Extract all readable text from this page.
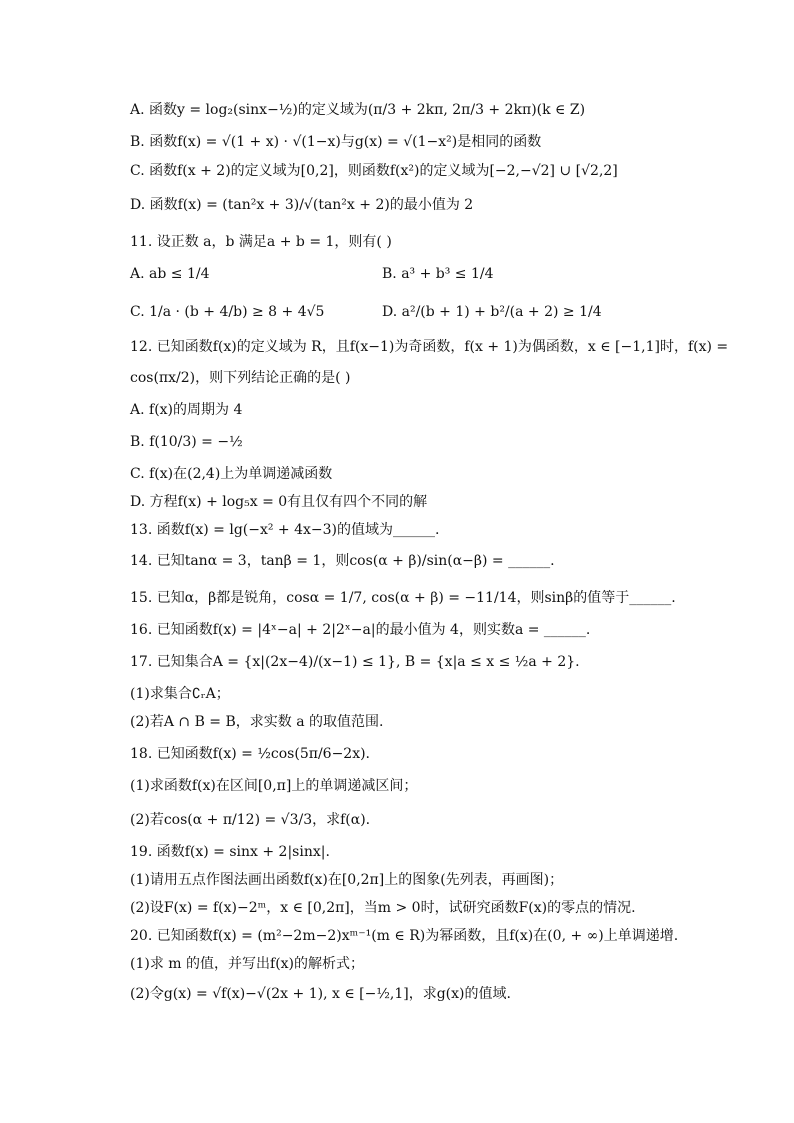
A. 函数y = log₂(sinx−½)的定义域为(π/3 + 2kπ, 2π/3 + 2kπ)(k ∈ Z)
B. 函数f(x) = √(1 + x) · √(1−x)与g(x) = √(1−x²)是相同的函数
C. 函数f(x + 2)的定义域为[0,2]，则函数f(x²)的定义域为[−2,−√2] ∪ [√2,2]
D. 函数f(x) = (tan²x + 3)/√(tan²x + 2)的最小值为 2
11. 设正数 a，b 满足a + b = 1，则有( )
A. ab ≤ 1/4	B. a³ + b³ ≤ 1/4
C. 1/a · (b + 4/b) ≥ 8 + 4√5	D. a²/(b + 1) + b²/(a + 2) ≥ 1/4
12. 已知函数f(x)的定义域为 R，且f(x−1)为奇函数，f(x + 1)为偶函数，x ∈ [−1,1]时，f(x) =
cos(πx/2)，则下列结论正确的是( )
A. f(x)的周期为 4
B. f(10/3) = −½
C. f(x)在(2,4)上为单调递减函数
D. 方程f(x) + log₅x = 0有且仅有四个不同的解
13. 函数f(x) = lg(−x² + 4x−3)的值域为______.
14. 已知tanα = 3，tanβ = 1，则cos(α + β)/sin(α−β) = ______.
15. 已知α，β都是锐角，cosα = 1/7, cos(α + β) = −11/14，则sinβ的值等于______.
16. 已知函数f(x) = |4ˣ−a| + 2|2ˣ−a|的最小值为 4，则实数a = ______.
17. 已知集合A = {x|(2x−4)/(x−1) ≤ 1}, B = {x|a ≤ x ≤ ½a + 2}.
(1)求集合∁ᵣA；
(2)若A ∩ B = B，求实数 a 的取值范围.
18. 已知函数f(x) = ½cos(5π/6−2x).
(1)求函数f(x)在区间[0,π]上的单调递减区间；
(2)若cos(α + π/12) = √3/3，求f(α).
19. 函数f(x) = sinx + 2|sinx|.
(1)请用五点作图法画出函数f(x)在[0,2π]上的图象(先列表，再画图)；
(2)设F(x) = f(x)−2ᵐ，x ∈ [0,2π]，当m > 0时，试研究函数F(x)的零点的情况.
20. 已知函数f(x) = (m²−2m−2)xᵐ⁻¹(m ∈ R)为幂函数，且f(x)在(0, + ∞)上单调递增.
(1)求 m 的值，并写出f(x)的解析式；
(2)令g(x) = √f(x)−√(2x + 1), x ∈ [−½,1]，求g(x)的值域.
